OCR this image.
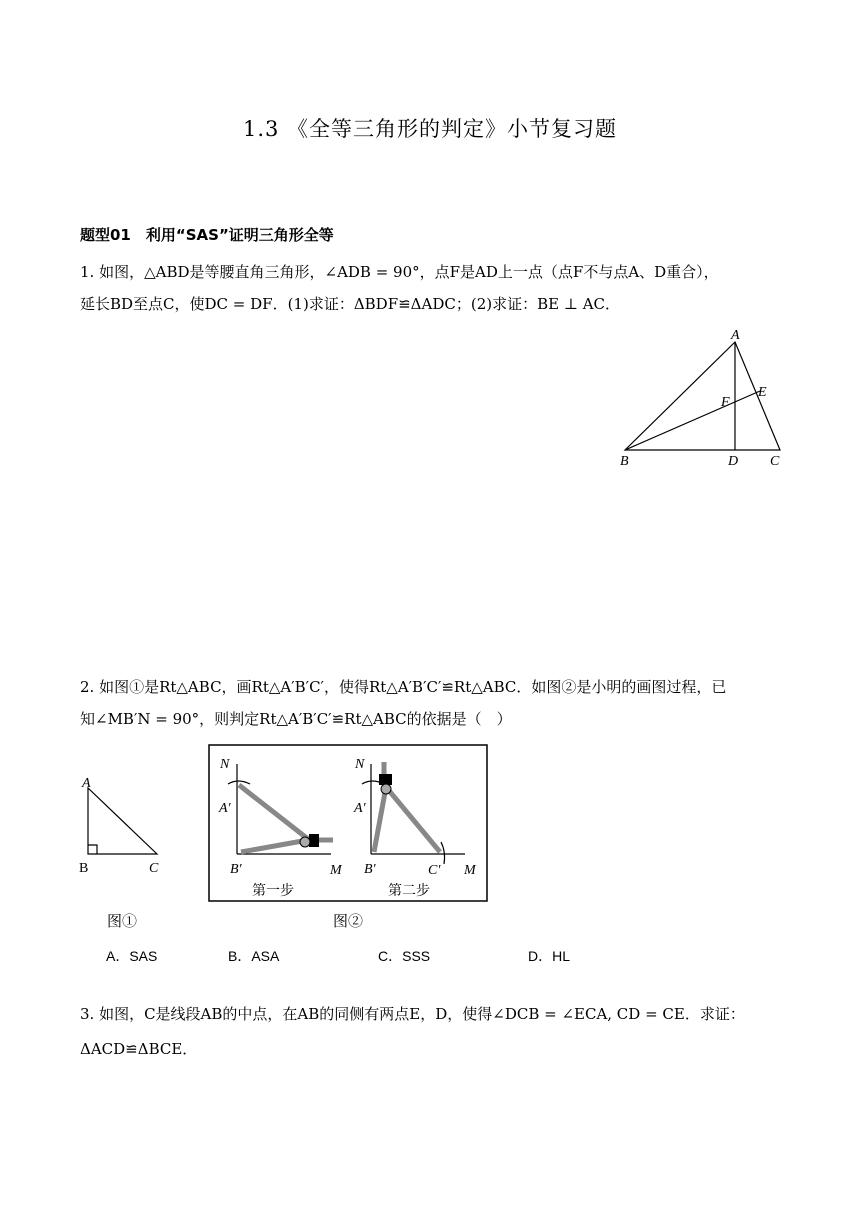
1.3 《全等三角形的判定》小节复习题
题型01　利用“SAS”证明三角形全等
1. 如图，△ABD是等腰直角三角形，∠ADB = 90°，点F是AD上一点（点F不与点A、D重合），
延长BD至点C，使DC = DF．(1)求证：ΔBDF≌ΔADC；(2)求证：BE ⊥ AC．
A
B	C
D
E
F
2. 如图①是Rt△ABC，画Rt△A′B′C′，使得Rt△A′B′C′≌Rt△ABC．如图②是小明的画图过程，已
知∠MB′N = 90°，则判定Rt△A′B′C′≌Rt△ABC的依据是（　）
A
B	C
图①
N
A′
B′	M
第一步
N
A′
B′	C′ M
第二步
图②
A．SAS	B．ASA	C．SSS	D．HL
3. 如图，C是线段AB的中点，在AB的同侧有两点E，D，使得∠DCB = ∠ECA, CD = CE．求证：
ΔACD≌ΔBCE．
